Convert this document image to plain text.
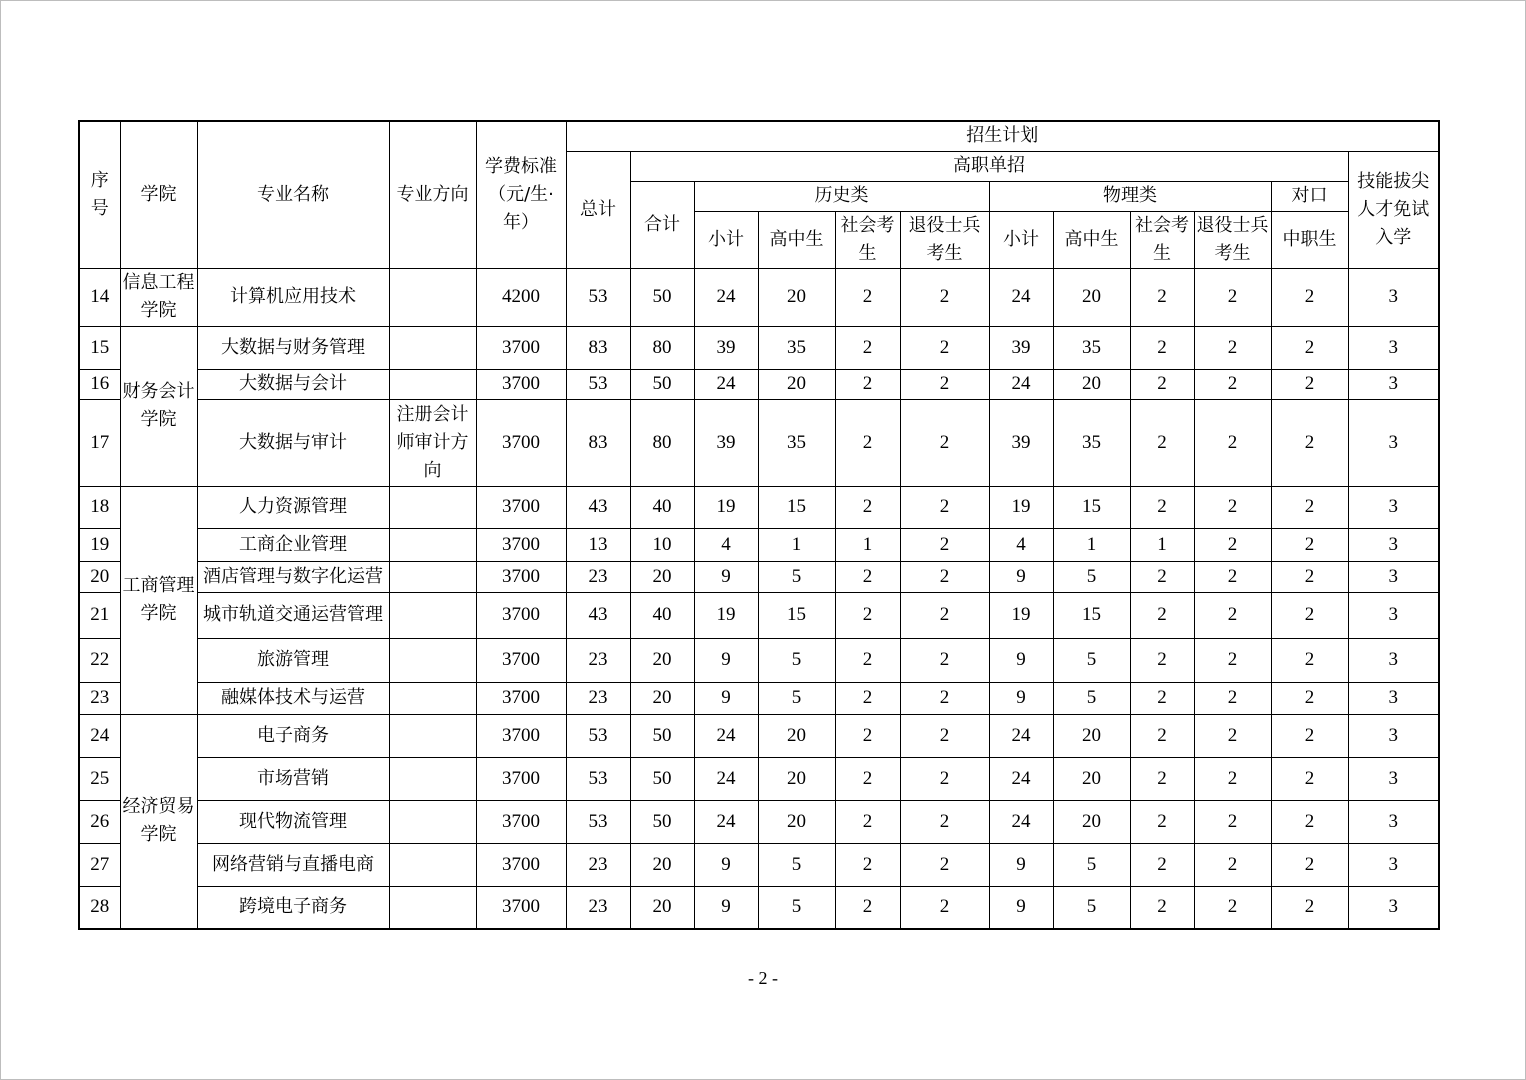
序号	学院	专业名称	专业方向	学费标准（元/生·年）	招生计划											
					总计	高职单招										技能拔尖人才免试入学
						合计	历史类				物理类				对口	
							小计	高中生	社会考生	退役士兵考生	小计	高中生	社会考生	退役士兵考生	中职生	

14	信息工程学院	计算机应用技术		4200	53	50	24	20	2	2	24	20	2	2	2	3
15	财务会计学院	大数据与财务管理		3700	83	80	39	35	2	2	39	35	2	2	2	3
16		大数据与会计		3700	53	50	24	20	2	2	24	20	2	2	2	3
17		大数据与审计	注册会计师审计方向	3700	83	80	39	35	2	2	39	35	2	2	2	3
18	工商管理学院	人力资源管理		3700	43	40	19	15	2	2	19	15	2	2	2	3
19		工商企业管理		3700	13	10	4	1	1	2	4	1	1	2	2	3
20		酒店管理与数字化运营		3700	23	20	9	5	2	2	9	5	2	2	2	3
21		城市轨道交通运营管理		3700	43	40	19	15	2	2	19	15	2	2	2	3
22		旅游管理		3700	23	20	9	5	2	2	9	5	2	2	2	3
23		融媒体技术与运营		3700	23	20	9	5	2	2	9	5	2	2	2	3
24	经济贸易学院	电子商务		3700	53	50	24	20	2	2	24	20	2	2	2	3
25		市场营销		3700	53	50	24	20	2	2	24	20	2	2	2	3
26		现代物流管理		3700	53	50	24	20	2	2	24	20	2	2	2	3
27		网络营销与直播电商		3700	23	20	9	5	2	2	9	5	2	2	2	3
28		跨境电子商务		3700	23	20	9	5	2	2	9	5	2	2	2	3
- 2 -
